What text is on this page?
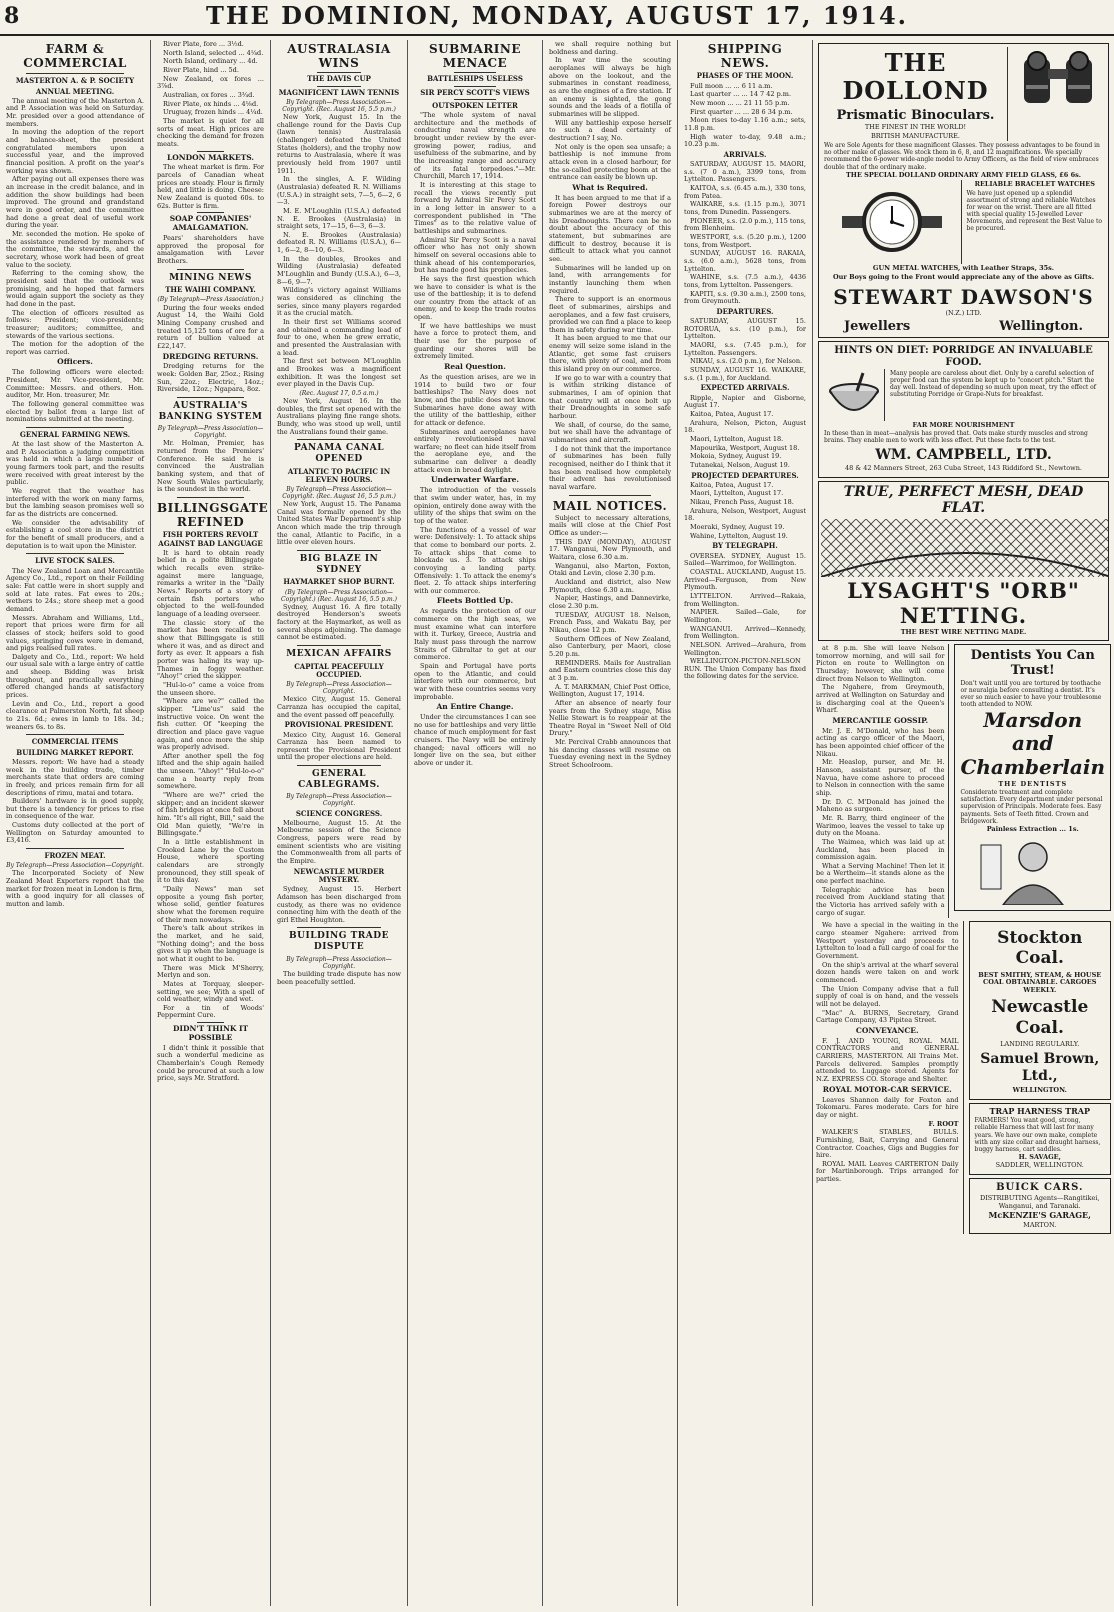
8	THE DOMINION, MONDAY, AUGUST 17, 1914.
FARM & COMMERCIAL
MASTERTON A. & P. SOCIETY
ANNUAL MEETING.

The annual meeting of the Masterton A. and P. Association was held on Saturday. Mr. presided over a good attendance of members.

In moving the adoption of the report and balance-sheet, the president congratulated members upon a successful year, and the improved financial position. A profit on the year's working was shown.

After paying out all expenses there was an increase in the credit balance, and in addition the show buildings had been improved. The ground and grandstand were in good order, and the committee had done a great deal of useful work during the year.

Mr. seconded the motion. He spoke of the assistance rendered by members of the committee, the stewards, and the secretary, whose work had been of great value to the society.

Referring to the coming show, the president said that the outlook was promising, and he hoped that farmers would again support the society as they had done in the past.

The election of officers resulted as follows: President; vice-presidents; treasurer; auditors; committee, and stewards of the various sections.

The motion for the adoption of the report was carried.

Officers.

The following officers were elected: President, Mr. Vice-president, Mr. Committee: Messrs. and others. Hon. auditor, Mr. Hon. treasurer, Mr.

The following general committee was elected by ballot from a large list of nominations submitted at the meeting.

GENERAL FARMING NEWS.

At the last show of the Masterton A. and P. Association a judging competition was held in which a large number of young farmers took part, and the results were received with great interest by the public.

We regret that the weather has interfered with the work on many farms, but the lambing season promises well so far as the districts are concerned.

We consider the advisability of establishing a cool store in the district for the benefit of small producers, and a deputation is to wait upon the Minister.

LIVE STOCK SALES.

The New Zealand Loan and Mercantile Agency Co., Ltd., report on their Feilding sale: Fat cattle were in short supply and sold at late rates. Fat ewes to 20s.; wethers to 24s.; store sheep met a good demand.

Messrs. Abraham and Williams, Ltd., report that prices were firm for all classes of stock; heifers sold to good values, springing cows were in demand, and pigs realised full rates.

Dalgety and Co., Ltd., report: We held our usual sale with a large entry of cattle and sheep. Bidding was brisk throughout, and practically everything offered changed hands at satisfactory prices.

Levin and Co., Ltd., report a good clearance at Palmerston North, fat sheep to 21s. 6d.; ewes in lamb to 18s. 3d.; weaners 6s. to 8s.

COMMERCIAL ITEMS
BUILDING MARKET REPORT.

Messrs. report: We have had a steady week in the building trade, timber merchants state that orders are coming in freely, and prices remain firm for all descriptions of rimu, matai and totara.

Builders' hardware is in good supply, but there is a tendency for prices to rise in consequence of the war.

Customs duty collected at the port of Wellington on Saturday amounted to £3,416.

FROZEN MEAT.
By Telegraph—Press Association—Copyright.

The Incorporated Society of New Zealand Meat Exporters report that the market for frozen meat in London is firm, with a good inquiry for all classes of mutton and lamb.

River Plate, fore ... 3½d.

North Island, selected ... 4¼d.

North Island, ordinary ... 4d.

River Plate, hind ... 5d.

New Zealand, ox fores ... 3⅞d.

Australian, ox fores ... 3¾d.

River Plate, ox hinds ... 4⅛d.

Uruguay, frozen hinds ... 4¼d.

The market is quiet for all sorts of meat. High prices are checking the demand for frozen meats.

LONDON MARKETS.

The wheat market is firm. For parcels of Canadian wheat prices are steady. Flour is firmly held, and little is doing. Cheese: New Zealand is quoted 60s. to 62s. Butter is firm.

SOAP COMPANIES' AMALGAMATION.

Pears' shareholders have approved the proposal for amalgamation with Lever Brothers.

MINING NEWS
THE WAIHI COMPANY.
(By Telegraph—Press Association.)

During the four weeks ended August 14, the Waihi Gold Mining Company crushed and treated 15,125 tons of ore for a return of bullion valued at £22,147.

DREDGING RETURNS.

Dredging returns for the week: Golden Bar, 25oz.; Rising Sun, 22oz.; Electric, 14oz.; Riverside, 12oz.; Ngapara, 8oz.

AUSTRALIA'S BANKING SYSTEM
By Telegraph—Press Association—Copyright.

Mr. Holman, Premier, has returned from the Premiers' Conference. He said he is convinced the Australian banking system, and that of New South Wales particularly, is the soundest in the world.

BILLINGSGATE REFINED
FISH PORTERS REVOLT AGAINST BAD LANGUAGE

It is hard to obtain ready belief in a polite Billingsgate which recalls even strike-against mere language, remarks a writer in the "Daily News." Reports of a story of certain fish porters who objected to the well-founded language of a leading overseer.

The classic story of the market has been recalled to show that Billingsgate is still where it was, and as direct and forty as ever. It appears a fish porter was haling its way up-Thames in foggy weather. "Ahoy!" cried the skipper.

"Hul-lo-o" came a voice from the unseen shore.

"Where are we?" called the skipper. "Lime'us" said the instructive voice. On went the fish cutter. Of "keeping the direction and place gave vague again, and once more the ship was properly advised.

After another spell the fog lifted and the ship again hailed the unseen. "Ahoy!" "Hul-lo-o-o" came a hearty reply from somewhere.

"Where are we?" cried the skipper; and an incident skewer of fish bridges at once fell about him. "It's all right, Bill," said the Old Man quietly, "We're in Billingsgate."

In a little establishment in Crooked Lane by the Custom House, where sporting calendars are strongly pronounced, they still speak of it to this day.

"Daily News" man set opposite a young fish porter, whose solid, gentler features show what the foremen require of their men nowadays.

There's talk about strikes in the market, and he said, "Nothing doing"; and the boss gives it up when the language is not what it ought to be.

There was Mick M'Sherry, Merlyn and son.

Mates at Torquay, sleeper-setting, we see; With a spell of cold weather, windy and wet.

For a tin of Woods' Peppermint Cure.

DIDN'T THINK IT POSSIBLE

I didn't think it possible that such a wonderful medicine as Chamberlain's Cough Remedy could be procured at such a low price, says Mr. Stratford.

AUSTRALASIA WINS
THE DAVIS CUP
MAGNIFICENT LAWN TENNIS
By Telegraph—Press Association—Copyright. (Rec. August 16, 5.5 p.m.)

New York, August 15. In the challenge round for the Davis Cup (lawn tennis) Australasia (challenger) defeated the United States (holders), and the trophy now returns to Australasia, where it was previously held from 1907 until 1911.

In the singles, A. F. Wilding (Australasia) defeated R. N. Williams (U.S.A.) in straight sets, 7—5, 6—2, 6—3.

M. E. M'Loughlin (U.S.A.) defeated N. E. Brookes (Australasia) in straight sets, 17—15, 6—3, 6—3.

N. E. Brookes (Australasia) defeated R. N. Williams (U.S.A.), 6—1, 6—2, 8—10, 6—3.

In the doubles, Brookes and Wilding (Australasia) defeated M'Loughlin and Bundy (U.S.A.), 6—3, 8—6, 9—7.

Wilding's victory against Williams was considered as clinching the series, since many players regarded it as the crucial match.

In their first set Williams scored and obtained a commanding lead of four to one, when he grew erratic, and presented the Australasian with a lead.

The first set between M'Loughlin and Brookes was a magnificent exhibition. It was the longest set ever played in the Davis Cup.

(Rec. August 17, 0.5 a.m.)

New York, August 16. In the doubles, the first set opened with the Australians playing fine range shots. Bundy, who was stood up well, until the Australians found their game.

PANAMA CANAL OPENED
ATLANTIC TO PACIFIC IN ELEVEN HOURS.
By Telegraph—Press Association—Copyright. (Rec. August 16, 5.5 p.m.)

New York, August 15. The Panama Canal was formally opened by the United States War Department's ship Ancon which made the trip through the canal, Atlantic to Pacific, in a little over eleven hours.

BIG BLAZE IN SYDNEY
HAYMARKET SHOP BURNT.
(By Telegraph—Press Association—Copyright.) (Rec. August 16, 5.5 p.m.)

Sydney, August 16. A fire totally destroyed Henderson's sweets factory at the Haymarket, as well as several shops adjoining. The damage cannot be estimated.

MEXICAN AFFAIRS
CAPITAL PEACEFULLY OCCUPIED.
By Telegraph—Press Association—Copyright.

Mexico City, August 15. General Carranza has occupied the capital, and the event passed off peacefully.

PROVISIONAL PRESIDENT.

Mexico City, August 16. General Carranza has been named to represent the Provisional President until the proper elections are held.

GENERAL CABLEGRAMS.
By Telegraph—Press Association—Copyright.
SCIENCE CONGRESS.

Melbourne, August 15. At the Melbourne session of the Science Congress, papers were read by eminent scientists who are visiting the Commonwealth from all parts of the Empire.

NEWCASTLE MURDER MYSTERY.

Sydney, August 15. Herbert Adamson has been discharged from custody, as there was no evidence connecting him with the death of the girl Ethel Houghton.

BUILDING TRADE DISPUTE
By Telegraph—Press Association—Copyright.

The building trade dispute has now been peacefully settled.

SUBMARINE MENACE
BATTLESHIPS USELESS
SIR PERCY SCOTT'S VIEWS
OUTSPOKEN LETTER

"The whole system of naval architecture and the methods of conducting naval strength are brought under review by the ever-growing power, radius, and usefulness of the submarine, and by the increasing range and accuracy of its fatal torpedoes."—Mr. Churchill, March 17, 1914.

It is interesting at this stage to recall the views recently put forward by Admiral Sir Percy Scott in a long letter in answer to a correspondent published in "The Times" as to the relative value of battleships and submarines.

Admiral Sir Percy Scott is a naval officer who has not only shown himself on several occasions able to think ahead of his contemporaries, but has made good his prophecies.

He says the first question which we have to consider is what is the use of the battleship; it is to defend our country from the attack of an enemy, and to keep the trade routes open.

If we have battleships we must have a force to protect them, and their use for the purpose of guarding our shores will be extremely limited.

Real Question.

As the question arises, are we in 1914 to build two or four battleships? The Navy does not know, and the public does not know. Submarines have done away with the utility of the battleship, either for attack or defence.

Submarines and aeroplanes have entirely revolutionised naval warfare; no fleet can hide itself from the aeroplane eye, and the submarine can deliver a deadly attack even in broad daylight.

Underwater Warfare.

The introduction of the vessels that swim under water, has, in my opinion, entirely done away with the utility of the ships that swim on the top of the water.

The functions of a vessel of war were: Defensively: 1. To attack ships that come to bombard our ports. 2. To attack ships that come to blockade us. 3. To attack ships convoying a landing party. Offensively: 1. To attack the enemy's fleet. 2. To attack ships interfering with our commerce.

Fleets Bottled Up.

As regards the protection of our commerce on the high seas, we must examine what can interfere with it. Turkey, Greece, Austria and Italy must pass through the narrow Straits of Gibraltar to get at our commerce.

Spain and Portugal have ports open to the Atlantic, and could interfere with our commerce, but war with these countries seems very improbable.

An Entire Change.

Under the circumstances I can see no use for battleships and very little chance of much employment for fast cruisers. The Navy will be entirely changed; naval officers will no longer live on the sea, but either above or under it.

we shall require nothing but boldness and daring.

In war time the scouting aeroplanes will always be high above on the lookout, and the submarines in constant readiness, as are the engines of a fire station. If an enemy is sighted, the gong sounds and the leads of a flotilla of submarines will be slipped.

Will any battleship expose herself to such a dead certainty of destruction? I say, No.

Not only is the open sea unsafe; a battleship is not immune from attack even in a closed harbour, for the so-called protecting boom at the entrance can easily be blown up.

What is Required.

It has been argued to me that if a foreign Power destroys our submarines we are at the mercy of his Dreadnoughts. There can be no doubt about the accuracy of this statement, but submarines are difficult to destroy, because it is difficult to attack what you cannot see.

Submarines will be landed up on land, with arrangements for instantly launching them when required.

There to support is an enormous fleet of submarines, airships and aeroplanes, and a few fast cruisers, provided we can find a place to keep them in safety during war time.

It has been argued to me that our enemy will seize some island in the Atlantic, get some fast cruisers there, with plenty of coal, and from this island prey on our commerce.

If we go to war with a country that is within striking distance of submarines, I am of opinion that that country will at once bolt up their Dreadnoughts in some safe harbour.

We shall, of course, do the same, but we shall have the advantage of submarines and aircraft.

I do not think that the importance of submarines has been fully recognised, neither do I think that it has been realised how completely their advent has revolutionised naval warfare.

MAIL NOTICES.

Subject to necessary alterations, mails will close at the Chief Post Office as under:—

THIS DAY (MONDAY), AUGUST 17. Wanganui, New Plymouth, and Waitara, close 6.30 a.m.

Wanganui, also Marton, Foxton, Otaki and Levin, close 2.30 p.m.

Auckland and district, also New Plymouth, close 6.30 a.m.

Napier, Hastings, and Dannevirke, close 2.30 p.m.

TUESDAY, AUGUST 18. Nelson, French Pass, and Wakatu Bay, per Nikau, close 12 p.m.

Southern Offices of New Zealand, also Canterbury, per Maori, close 5.20 p.m.

REMINDERS. Mails for Australian and Eastern countries close this day at 3 p.m.

A. T. MARKMAN, Chief Post Office, Wellington, August 17, 1914.

After an absence of nearly four years from the Sydney stage, Miss Nellie Stewart is to reappear at the Theatre Royal in "Sweet Nell of Old Drury."

Mr. Percival Crabb announces that his dancing classes will resume on Tuesday evening next in the Sydney Street Schoolroom.

SHIPPING NEWS.
PHASES OF THE MOON.

Full moon ... ... 6 11 a.m.

Last quarter ... ... 14 7 42 p.m.

New moon ... ... 21 11 55 p.m.

First quarter ... ... 28 6 34 p.m.

Moon rises to-day 1.16 a.m.; sets, 11.8 p.m.

High water to-day, 9.48 a.m.; 10.23 p.m.

ARRIVALS.

SATURDAY, AUGUST 15. MAORI, s.s. (7 0 a.m.), 3399 tons, from Lyttelton. Passengers.

KAITOA, s.s. (6.45 a.m.), 330 tons, from Patea.

WAIKARE, s.s. (1.15 p.m.), 3071 tons, from Dunedin. Passengers.

PIONEER, s.s. (2.0 p.m.), 115 tons, from Blenheim.

WESTPORT, s.s. (5.20 p.m.), 1200 tons, from Westport.

SUNDAY, AUGUST 16. RAKAIA, s.s. (6.0 a.m.), 5628 tons, from Lyttelton.

WAHINE, s.s. (7.5 a.m.), 4436 tons, from Lyttelton. Passengers.

KAPITI, s.s. (9.30 a.m.), 2500 tons, from Greymouth.

DEPARTURES.

SATURDAY, AUGUST 15. ROTORUA, s.s. (10 p.m.), for Lyttelton.

MAORI, s.s. (7.45 p.m.), for Lyttelton. Passengers.

NIKAU, s.s. (2.0 p.m.), for Nelson.

SUNDAY, AUGUST 16. WAIKARE, s.s. (1 p.m.), for Auckland.

EXPECTED ARRIVALS.

Ripple, Napier and Gisborne, August 17.

Kaitoa, Patea, August 17.

Arahura, Nelson, Picton, August 18.

Maori, Lyttelton, August 18.

Mapourika, Westport, August 18.

Mokoia, Sydney, August 19.

Tutanekai, Nelson, August 19.

PROJECTED DEPARTURES.

Kaitoa, Patea, August 17.

Maori, Lyttelton, August 17.

Nikau, French Pass, August 18.

Arahura, Nelson, Westport, August 18.

Moeraki, Sydney, August 19.

Wahine, Lyttelton, August 19.

BY TELEGRAPH.

OVERSEA. SYDNEY, August 15. Sailed—Warrimoo, for Wellington.

COASTAL. AUCKLAND, August 15. Arrived—Ferguson, from New Plymouth.

LYTTELTON. Arrived—Rakaia, from Wellington.

NAPIER. Sailed—Gale, for Wellington.

WANGANUI. Arrived—Kennedy, from Wellington.

NELSON. Arrived—Arahura, from Wellington.

WELLINGTON-PICTON-NELSON RUN. The Union Company has fixed the following dates for the service.

THE DOLLOND
Prismatic Binoculars.
THE FINEST IN THE WORLD!
BRITISH MANUFACTURE.

We are Sole Agents for these magnificent Glasses. They possess advantages to be found in no other make of glasses. We stock them in 6, 8, and 12 magnifications. We specially recommend the 6-power wide-angle model to Army Officers, as the field of view embraces double that of the ordinary make.

THE SPECIAL DOLLAND ORDINARY ARMY FIELD GLASS, £6 6s.
RELIABLE BRACELET WATCHES

We have just opened up a splendid assortment of strong and reliable Watches for wear on the wrist. There are all fitted with special quality 15-Jewelled Lever Movements, and represent the Best Value to be procured.

GUN METAL WATCHES, with Leather Straps, 35s.
Our Boys going to the Front would appreciate any of the above as Gifts.
STEWART DAWSON'S
(N.Z.) LTD.
Jewellers	Wellington.
HINTS ON DIET: PORRIDGE AN INVALUABLE FOOD.

Many people are careless about diet. Only by a careful selection of proper food can the system be kept up to "concert pitch." Start the day well. Instead of depending so much upon meat, try the effect of substituting Porridge or Grape-Nuts for breakfast.

FAR MORE NOURISHMENT

In these than in meat—analysis has proved that. Oats make sturdy muscles and strong brains. They enable men to work with less effect. Put these facts to the test.

WM. CAMPBELL, LTD.
48 & 42 Manners Street, 263 Cuba Street, 143 Riddiford St., Newtown.
TRUE, PERFECT MESH, DEAD FLAT.
LYSAGHT'S "ORB" NETTING.
THE BEST WIRE NETTING MADE.

at 8 p.m. She will leave Nelson tomorrow morning, and will sail for Picton en route to Wellington on Thursday; however, she will come direct from Nelson to Wellington.

The Ngahere, from Greymouth, arrived at Wellington on Saturday and is discharging coal at the Queen's Wharf.

MERCANTILE GOSSIP.

Mr. J. E. M'Donald, who has been acting as cargo officer of the Maori, has been appointed chief officer of the Nikau.

Mr. Heaslop, purser, and Mr. H. Hanson, assistant purser, of the Navua, have come ashore to proceed to Nelson in connection with the same ship.

Dr. D. C. M'Donald has joined the Maheno as surgeon.

Mr. R. Barry, third engineer of the Warimoo, leaves the vessel to take up duty on the Moana.

The Waimea, which was laid up at Auckland, has been placed in commission again.

What a Serving Machine! Then let it be a Wertheim—it stands alone as the one perfect machine.

Telegraphic advice has been received from Auckland stating that the Victoria has arrived safely with a cargo of sugar.

Dentists You Can Trust!

Don't wait until you are tortured by toothache or neuralgia before consulting a dentist. It's ever so much easier to have your troublesome tooth attended to NOW.

Marsdon and
Chamberlain
THE DENTISTS

Considerate treatment and complete satisfaction. Every department under personal supervision of Principals. Moderate fees. Easy payments. Sets of Teeth fitted. Crown and Bridgework.

Painless Extraction ... 1s.

We have a special in the waiting in the cargo steamer Ngahere: arrived from Westport yesterday and proceeds to Lyttelton to load a full cargo of coal for the Government.

On the ship's arrival at the wharf several dozen hands were taken on and work commenced.

The Union Company advise that a full supply of coal is on hand, and the vessels will not be delayed.

"Mac" A. BURNS, Secretary, Grand Cartage Company, 43 Pipitea Street.

CONVEYANCE.

F. J. AND YOUNG, ROYAL MAIL CONTRACTORS and GENERAL CARRIERS, MASTERTON. All Trains Met. Parcels delivered. Samples promptly attended to. Luggage stored. Agents for N.Z. EXPRESS CO. Storage and Shelter.

ROYAL MOTOR-CAR SERVICE.

Leaves Shannon daily for Foxton and Tokomaru. Fares moderate. Cars for hire day or night.

F. ROOT

WALKER'S STABLES, BULLS. Furnishing, Bait, Carrying and General Contractor. Coaches, Gigs and Buggies for hire.

ROYAL MAIL Leaves CARTERTON Daily for Martinborough. Trips arranged for parties.

Stockton Coal.
BEST SMITHY, STEAM, & HOUSE COAL OBTAINABLE. CARGOES WEEKLY.
Newcastle Coal.
LANDING REGULARLY.
Samuel Brown, Ltd.,
WELLINGTON.
TRAP HARNESS TRAP

FARMERS! You want good, strong, reliable Harness that will last for many years. We have our own make, complete with any size collar and draught harness, buggy harness, cart saddles.

H. SAVAGE,
SADDLER, WELLINGTON.
BUICK CARS.
DISTRIBUTING Agents—Rangitikei, Wanganui, and Taranaki.
McKENZIE'S GARAGE,
MARTON.
